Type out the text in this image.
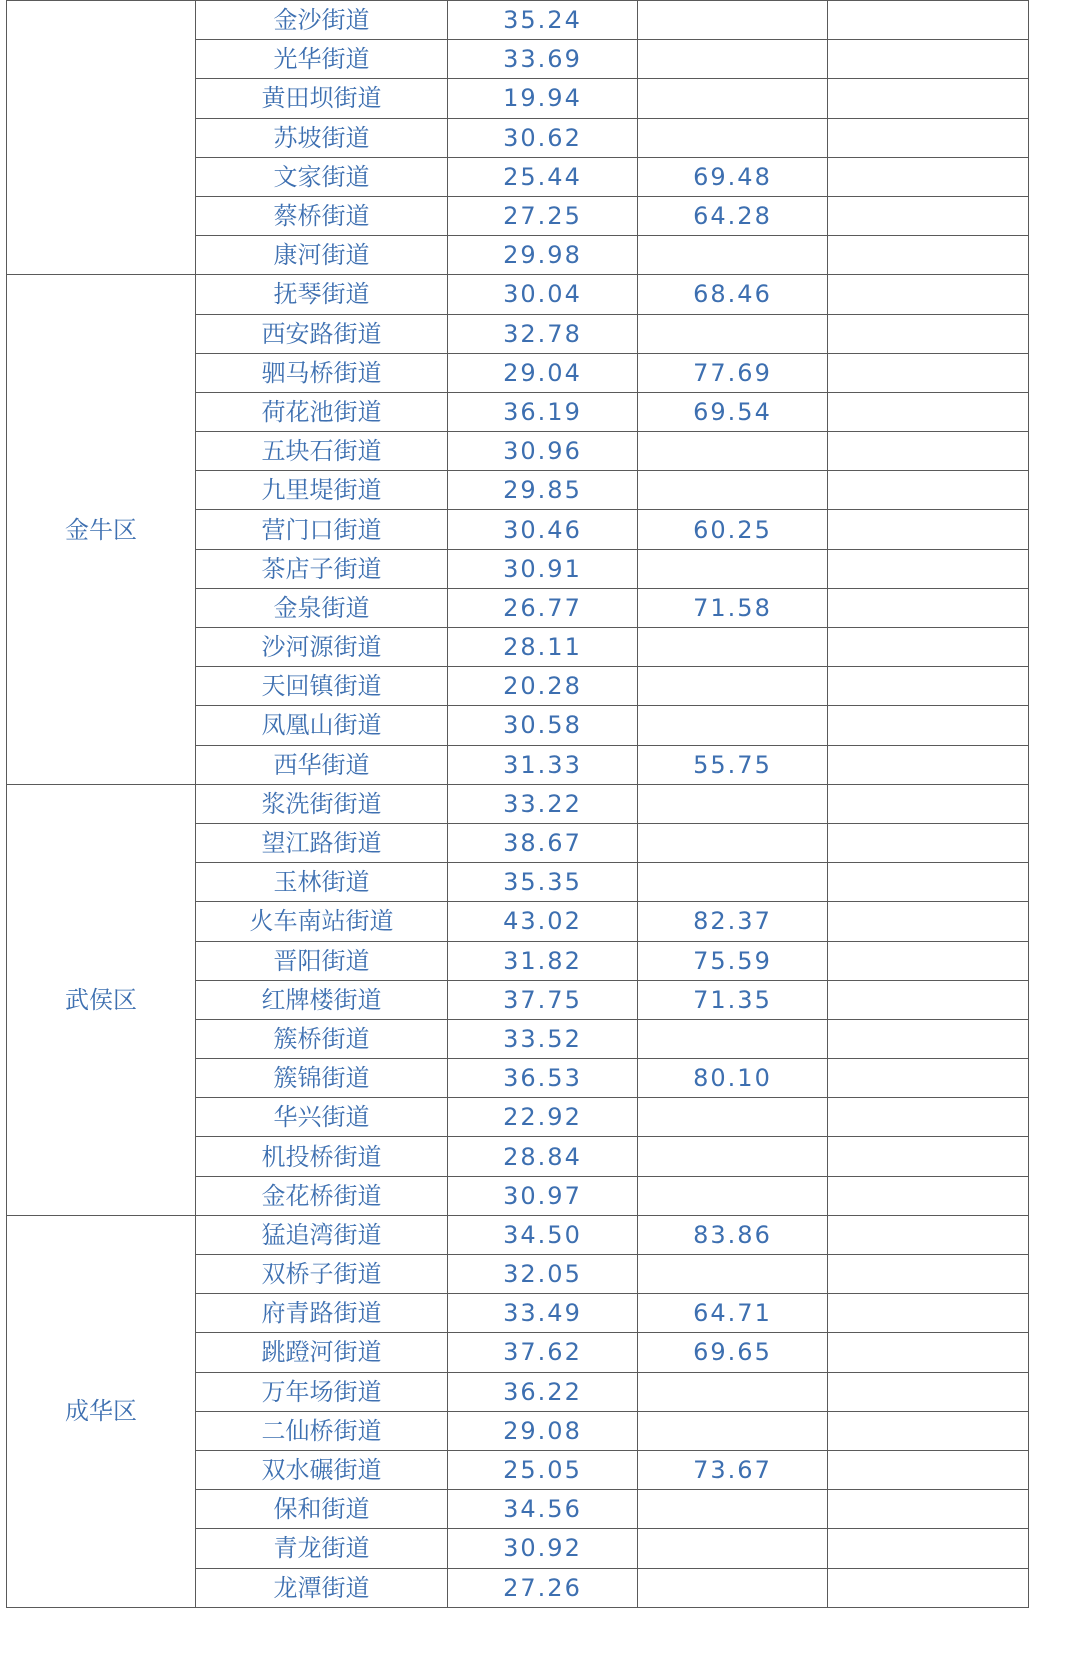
	金沙街道	35.24		
	光华街道	33.69		
	黄田坝街道	19.94		
	苏坡街道	30.62		
	文家街道	25.44	69.48	
	蔡桥街道	27.25	64.28	
	康河街道	29.98		
金牛区	抚琴街道	30.04	68.46	
	西安路街道	32.78		
	驷马桥街道	29.04	77.69	
	荷花池街道	36.19	69.54	
	五块石街道	30.96		
	九里堤街道	29.85		
	营门口街道	30.46	60.25	
	茶店子街道	30.91		
	金泉街道	26.77	71.58	
	沙河源街道	28.11		
	天回镇街道	20.28		
	凤凰山街道	30.58		
	西华街道	31.33	55.75	
武侯区	浆洗街街道	33.22		
	望江路街道	38.67		
	玉林街道	35.35		
	火车南站街道	43.02	82.37	
	晋阳街道	31.82	75.59	
	红牌楼街道	37.75	71.35	
	簇桥街道	33.52		
	簇锦街道	36.53	80.10	
	华兴街道	22.92		
	机投桥街道	28.84		
	金花桥街道	30.97		
成华区	猛追湾街道	34.50	83.86	
	双桥子街道	32.05		
	府青路街道	33.49	64.71	
	跳蹬河街道	37.62	69.65	
	万年场街道	36.22		
	二仙桥街道	29.08		
	双水碾街道	25.05	73.67	
	保和街道	34.56		
	青龙街道	30.92		
	龙潭街道	27.26		
